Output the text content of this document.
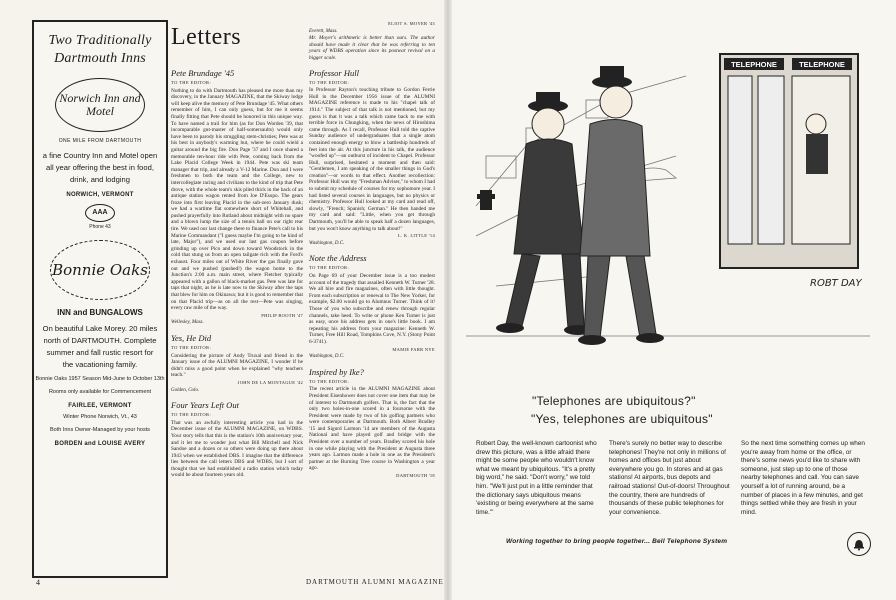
Two Traditionally Dartmouth Inns
Norwich Inn and Motel
ONE MILE FROM DARTMOUTH
a fine Country Inn and Motel open all year offering the best in food, drink, and lodging
NORWICH, VERMONT
AAA
Phone 43
Bonnie Oaks
INN and BUNGALOWS
On beautiful Lake Morey. 20 miles north of DARTMOUTH. Complete summer and fall rustic resort for the vacationing family.
Bonnie Oaks 1957 Season Mid-June to October 13th
Rooms only available for Commencement
FAIRLEE, VERMONT
Winter Phone Norwich, Vt., 43
Both Inns Owner-Managed by your hosts
BORDEN and LOUISE AVERY
Letters
Pete Brundage '45
TO THE EDITOR:
Nothing to do with Dartmouth has pleased me more than my discovery, in the January MAGAZINE, that the Skiway lodge will keep alive the memory of Pete Brundage '45. What others remember of him, I can only guess, but for me it seems finally fitting that Pete should be honored in this unique way. To have named a trail for him (as for Don Worden '39, that incomparable gut-master of half-somersaults) would only have been to parody his struggling stem-christies; Pete was at his best in anybody's warming hut, where he could wield a guitar around the big fire. Don Page '37 and I once shared a memorable ten-hour ride with Pete, coming back from the Lake Placid College Week in 1944. Pete was ski team manager that trip, and already a V-12 Marine. Don and I were freshmen to both the team and the College, new to intercollegiate racing and civilians to the kind of trip that Pete drove, with the whole team's skis piled thick in the back of an antique station wagon rented from Joe D'Esopo. The gears froze into first leaving Placid in the sub-zero January dusk; we had a wartime flat somewhere short of Whitehall, and pushed prayerfully into Rutland about midnight with no spare and a blown lump the size of a tennis ball on our right rear tire. We used our last change there to finance Pete's call to his Marine Commandant ("I guess maybe I'm going to be kind of late, Major"), and we used our last gas coupon before grinding up over Pico and down toward Woodstock in the cold that stung us from an open tailgate rich with the Ford's exhaust. Four miles out of White River the gas finally gave out and we pushed (pushed!) the wagon home to the Junction's 2:00 a.m. main street, where Fletcher typically appeared with a gallon of black-market gas. Pete was late for taps that night, as he is late now to the Skiway after the taps that blew for him on Okinawa; but it is good to remember that on that Placid trip—as on all the rest—Pete was singing, every raw mile of the way.
PHILIP BOOTH '47
Wellesley, Mass.
Yes, He Did
TO THE EDITOR:
Considering the picture of Andy Truxal and friend in the January issue of the ALUMNI MAGAZINE, I wonder if he didn't miss a good point when he explained "why teachers teach."
JOHN DE LA MONTAGUE '42
Golden, Colo.
Four Years Left Out
TO THE EDITOR:
That was an awfully interesting article you had in the December issue of the ALUMNI MAGAZINE, on WDBS. Your story tells that this is the station's 10th anniversary year, and it let me to wonder just what Bill Mitchell and Nick Sandoe and a dozen or so others were doing up there about 1943 when we established DBS. I imagine that the difference lies between the call letters DBS and WDBS, but I sort of thought that we had established a radio station which today would be about fourteen years old.
ELIOT S. MOYER '43
Everett, Mass.
Mr. Moyer's arithmetic is better than ours. The author should have made it clear that he was referring to ten years of WDBS operation since its postwar revival on a bigger scale.
Professor Hull
TO THE EDITOR:
In Professor Rayton's touching tribute to Gordon Ferrie Hull in the December 1956 issue of the ALUMNI MAGAZINE reference is made to his "chapel talk of 1914." The subject of that talk is not mentioned, but my guess is that it was a talk which came back to me with terrible force in Chungking, when the news of Hiroshima came through. As I recall, Professor Hull told the captive Sunday audience of undergraduates that a single atom contained enough energy to blow a battleship hundreds of feet into the air. At this juncture in his talk, the audience "woofed up"—an outburst of incident to Chapel. Professor Hull, surprised, hesitated a moment and then said: "Gentlemen, I am speaking of the smaller things in God's creation"—or words to that effect. Another recollection: Professor Hull was my "Freshman Adviser," to whom I had to submit my schedule of courses for my sophomore year. I had listed several courses in languages, but no physics or chemistry. Professor Hull looked at my card and read off, slowly, "French; Spanish; German." He then handed me my card and said: "Little, when you get through Dartmouth, you'll be able to speak half a dozen languages, but you won't know anything to talk about!"
L. K. LITTLE '14
Washington, D.C.
Note the Address
TO THE EDITOR:
On Page 69 of your December issue is a too modest account of the tragedy that assailed Kenneth W. Turner '28. We all hire and fire magazines, often with little thought. From each subscription or renewal to The New Yorker, for example, $2.00 would go to Alumnus Turner. Think of it! Those of you who subscribe and renew through regular channels, take heed. To write or phone Ken Turner is just as easy, once his address gets in one's little book. I am repeating his address from your magazine: Kenneth W. Turner, Free Hill Road, Tompkins Cove, N.Y. (Stony Point 6-3741).
MAMIE FARR NYE
Washington, D.C.
Inspired by Ike?
TO THE EDITOR:
The recent article in the ALUMNI MAGAZINE about President Eisenhower does not cover one item that may be of interest to Dartmouth golfers. That is, the fact that the only two holes-in-one scored in a foursome with the President were made by two of his golfing partners who were contemporaries at Dartmouth. Both Albert Bradley '15 and Sigurd Larmon '14 are members of the Augusta National and have played golf and bridge with the President over a number of years. Bradley scored his hole in one while playing with the President at Augusta three years ago. Larmon made a hole in one as the President's partner at the Burning Tree course in Washington a year ago.
DARTMOUTH '18
4	DARTMOUTH ALUMNI MAGAZINE
TELEPHONE	TELEPHONE
ROBT DAY
"Telephones are ubiquitous?"
"Yes, telephones are ubiquitous"
Robert Day, the well-known cartoonist who drew this picture, was a little afraid there might be some people who wouldn't know what we meant by ubiquitous. "It's a pretty big word," he said. "Don't worry," we told him. "We'll just put in a little reminder that the dictionary says ubiquitous means 'existing or being everywhere at the same time.'"
There's surely no better way to describe telephones! They're not only in millions of homes and offices but just about everywhere you go. In stores and at gas stations! At airports, bus depots and railroad stations! Out-of-doors! Throughout the country, there are hundreds of thousands of these public telephones for your convenience.
So the next time something comes up when you're away from home or the office, or there's some news you'd like to share with someone, just step up to one of those nearby telephones and call. You can save yourself a lot of running around, be a number of places in a few minutes, and get things settled while they are fresh in your mind.
Working together to bring people together... Bell Telephone System
